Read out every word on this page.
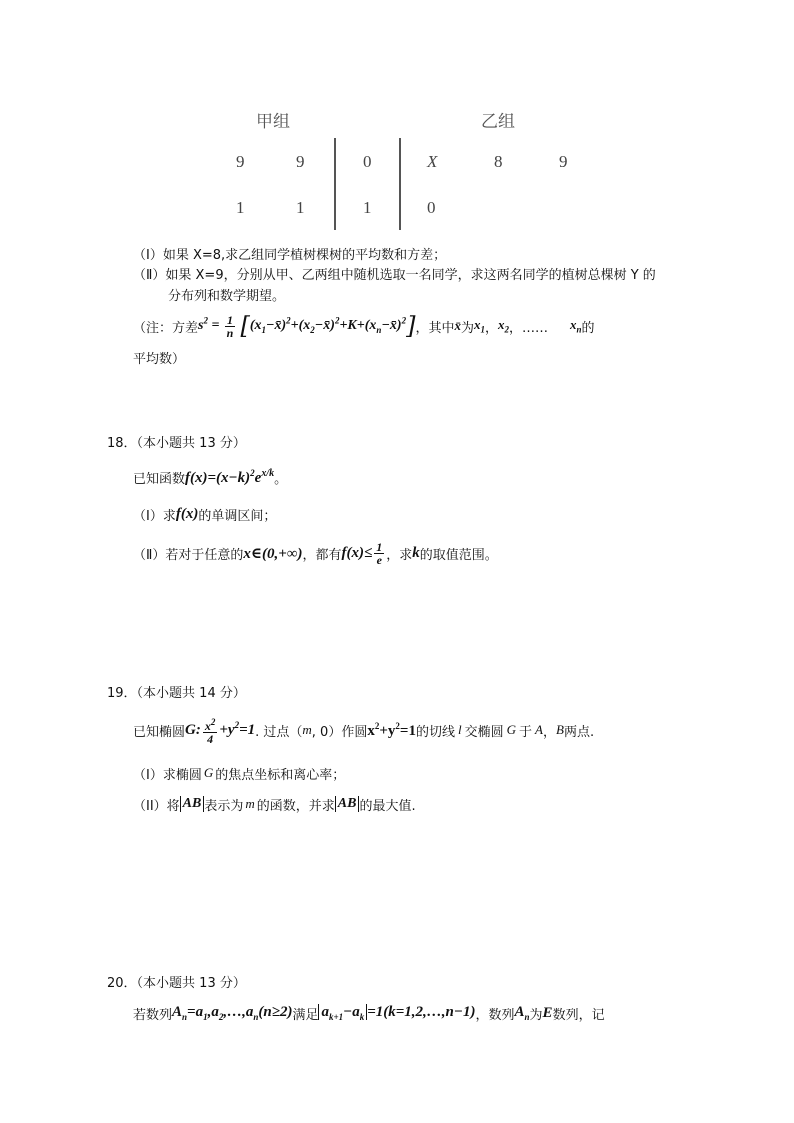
甲组	乙组
9	9	0	X	8	9
1	1	1	0
（Ⅰ）如果 X=8,求乙组同学植树棵树的平均数和方差；
（Ⅱ）如果 X=9，分别从甲、乙两组中随机选取一名同学，求这两名同学的植树总棵树 Y 的
分布列和数学期望。
（注：方差 $s^2 = \frac{1}{n}$ $[(x_1-x̄)^2+(x_2-x̄)^2+K+(x_n-x̄)^2]$ ，其中 x̄ 为 $x_1$ ， $x_2$ ，…… $x_n$ 的
平均数）
18．（本小题共 13 分）
已知函数 $f(x)=(x-k)^2e^{x/k}$ 。
（Ⅰ）求 f(x) 的单调区间；
（Ⅱ）若对于任意的 x∈(0,+∞) ，都有 $f(x)\le \frac{1}{e}$ ，求 k 的取值范围。
19．（本小题共 14 分）
已知椭圆 G: $\frac{x^2}{4} +y^2=1$ . 过点（ m , 0）作圆 $x^2+y^2=1$ 的切线 l 交椭圆 G 于 A ， B 两点.
（I）求椭圆 G 的焦点坐标和离心率；
（II）将 AB 表示为 m 的函数，并求 AB 的最大值.
20．（本小题共 13 分）
若数列 $A_n=a_1,a_2,\dots,a_n(n\ge 2)$ 满足 $a_{k+1}-a_k$ =1(k=1,2,…,n−1) ，数列 $A_n$ 为 E 数列，记
